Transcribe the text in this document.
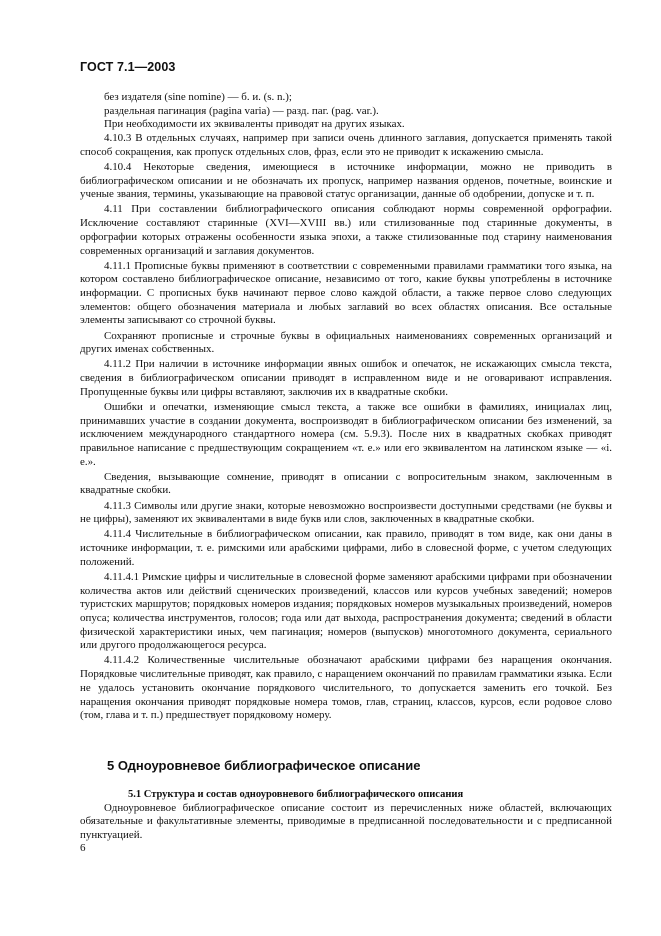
ГОСТ 7.1—2003

без издателя (sine nomine) — б. и. (s. n.);

раздельная пагинация (pagina varia) — разд. паг. (pag. var.).

При необходимости их эквиваленты приводят на других языках.

4.10.3 В отдельных случаях, например при записи очень длинного заглавия, допускается применять такой способ сокращения, как пропуск отдельных слов, фраз, если это не приводит к искажению смысла.

4.10.4 Некоторые сведения, имеющиеся в источнике информации, можно не приводить в библиографическом описании и не обозначать их пропуск, например названия орденов, почетные, воинские и ученые звания, термины, указывающие на правовой статус организации, данные об одобрении, допуске и т. п.

4.11 При составлении библиографического описания соблюдают нормы современной орфографии. Исключение составляют старинные (XVI—XVIII вв.) или стилизованные под старинные документы, в орфографии которых отражены особенности языка эпохи, а также стилизованные под старину наименования современных организаций и заглавия документов.

4.11.1 Прописные буквы применяют в соответствии с современными правилами грамматики того языка, на котором составлено библиографическое описание, независимо от того, какие буквы употреблены в источнике информации. С прописных букв начинают первое слово каждой области, а также первое слово следующих элементов: общего обозначения материала и любых заглавий во всех областях описания. Все остальные элементы записывают со строчной буквы.

Сохраняют прописные и строчные буквы в официальных наименованиях современных организаций и других именах собственных.

4.11.2 При наличии в источнике информации явных ошибок и опечаток, не искажающих смысла текста, сведения в библиографическом описании приводят в исправленном виде и не оговаривают исправления. Пропущенные буквы или цифры вставляют, заключив их в квадратные скобки.

Ошибки и опечатки, изменяющие смысл текста, а также все ошибки в фамилиях, инициалах лиц, принимавших участие в создании документа, воспроизводят в библиографическом описании без изменений, за исключением международного стандартного номера (см. 5.9.3). После них в квадратных скобках приводят правильное написание с предшествующим сокращением «т. е.» или его эквивалентом на латинском языке — «i. e.».

Сведения, вызывающие сомнение, приводят в описании с вопросительным знаком, заключенным в квадратные скобки.

4.11.3 Символы или другие знаки, которые невозможно воспроизвести доступными средствами (не буквы и не цифры), заменяют их эквивалентами в виде букв или слов, заключенных в квадратные скобки.

4.11.4 Числительные в библиографическом описании, как правило, приводят в том виде, как они даны в источнике информации, т. е. римскими или арабскими цифрами, либо в словесной форме, с учетом следующих положений.

4.11.4.1 Римские цифры и числительные в словесной форме заменяют арабскими цифрами при обозначении количества актов или действий сценических произведений, классов или курсов учебных заведений; номеров туристских маршрутов; порядковых номеров издания; порядковых номеров музыкальных произведений, номеров опуса; количества инструментов, голосов; года или дат выхода, распространения документа; сведений в области физической характеристики иных, чем пагинация; номеров (выпусков) многотомного документа, сериального или другого продолжающегося ресурса.

4.11.4.2 Количественные числительные обозначают арабскими цифрами без наращения окончания. Порядковые числительные приводят, как правило, с наращением окончаний по правилам грамматики языка. Если не удалось установить окончание порядкового числительного, то допускается заменить его точкой. Без наращения окончания приводят порядковые номера томов, глав, страниц, классов, курсов, если родовое слово (том, глава и т. п.) предшествует порядковому номеру.

5 Одноуровневое библиографическое описание

5.1 Структура и состав одноуровневого библиографического описания

Одноуровневое библиографическое описание состоит из перечисленных ниже областей, включающих обязательные и факультативные элементы, приводимые в предписанной последовательности и с предписанной пунктуацией.

6
